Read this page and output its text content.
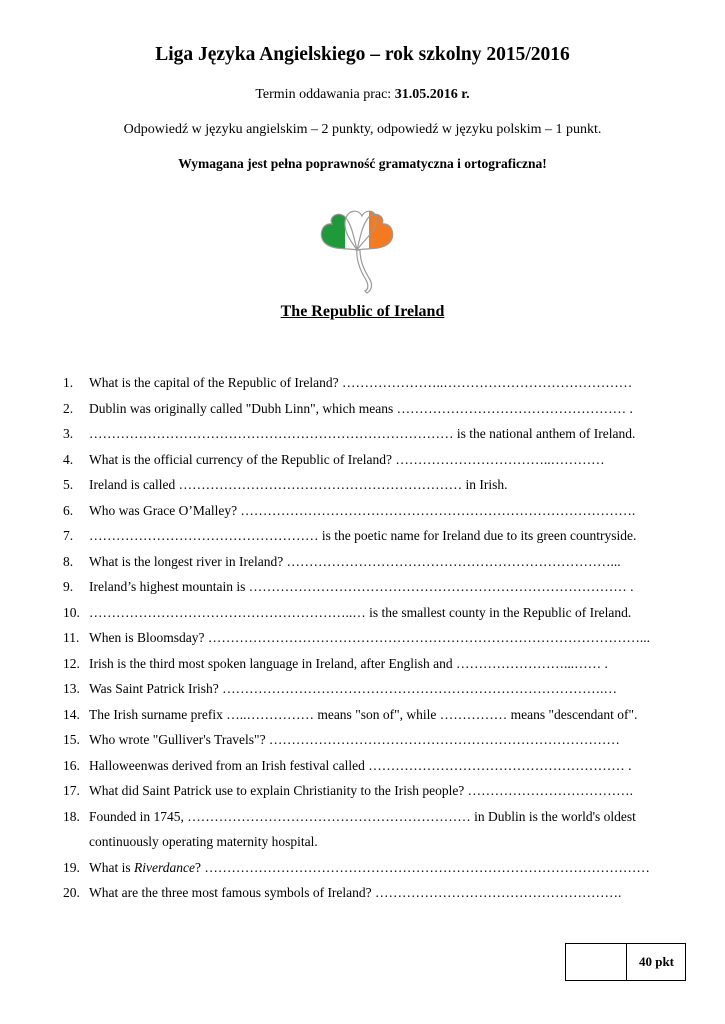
Liga Języka Angielskiego – rok szkolny 2015/2016
Termin oddawania prac: 31.05.2016 r.
Odpowiedź w języku angielskim – 2 punkty, odpowiedź w języku polskim – 1 punkt.
Wymagana jest pełna poprawność gramatyczna i ortograficzna!
The Republic of Ireland
1. What is the capital of the Republic of Ireland? …………………..……………………………………
2. Dublin was originally called "Dubh Linn", which means …………………………………………… .
3. ……………………………………………………………………… is the national anthem of Ireland.
4. What is the official currency of the Republic of Ireland? ……………………………..…………
5. Ireland is called ……………………………………………………… in Irish.
6. Who was Grace O’Malley? …………………………………………………………………………….
7. …………………………………………… is the poetic name for Ireland due to its green countryside.
8. What is the longest river in Ireland? ………………………………………………………………...
9. Ireland’s highest mountain is ………………………………………………………………………… .
10. …………………………………………………..… is the smallest county in the Republic of Ireland.
11. When is Bloomsday? ……………………………………………………………………………………...
12. Irish is the third most spoken language in Ireland, after English and ……………………...…… .
13. Was Saint Patrick Irish? ………………………………………………………………………….…
14. The Irish surname prefix …..…………… means "son of", while …………… means "descendant of".
15. Who wrote "Gulliver's Travels"? ……………………………………………………………………
16. Halloweenwas derived from an Irish festival called ………………………………………………… .
17. What did Saint Patrick use to explain Christianity to the Irish people? ……………………………….
18. Founded in 1745, ……………………………………………………… in Dublin is the world's oldest
continuously operating maternity hospital.
19. What is Riverdance? ………………………………………………………………………………………
20. What are the three most famous symbols of Ireland? ……………………………………………….
40 pkt
